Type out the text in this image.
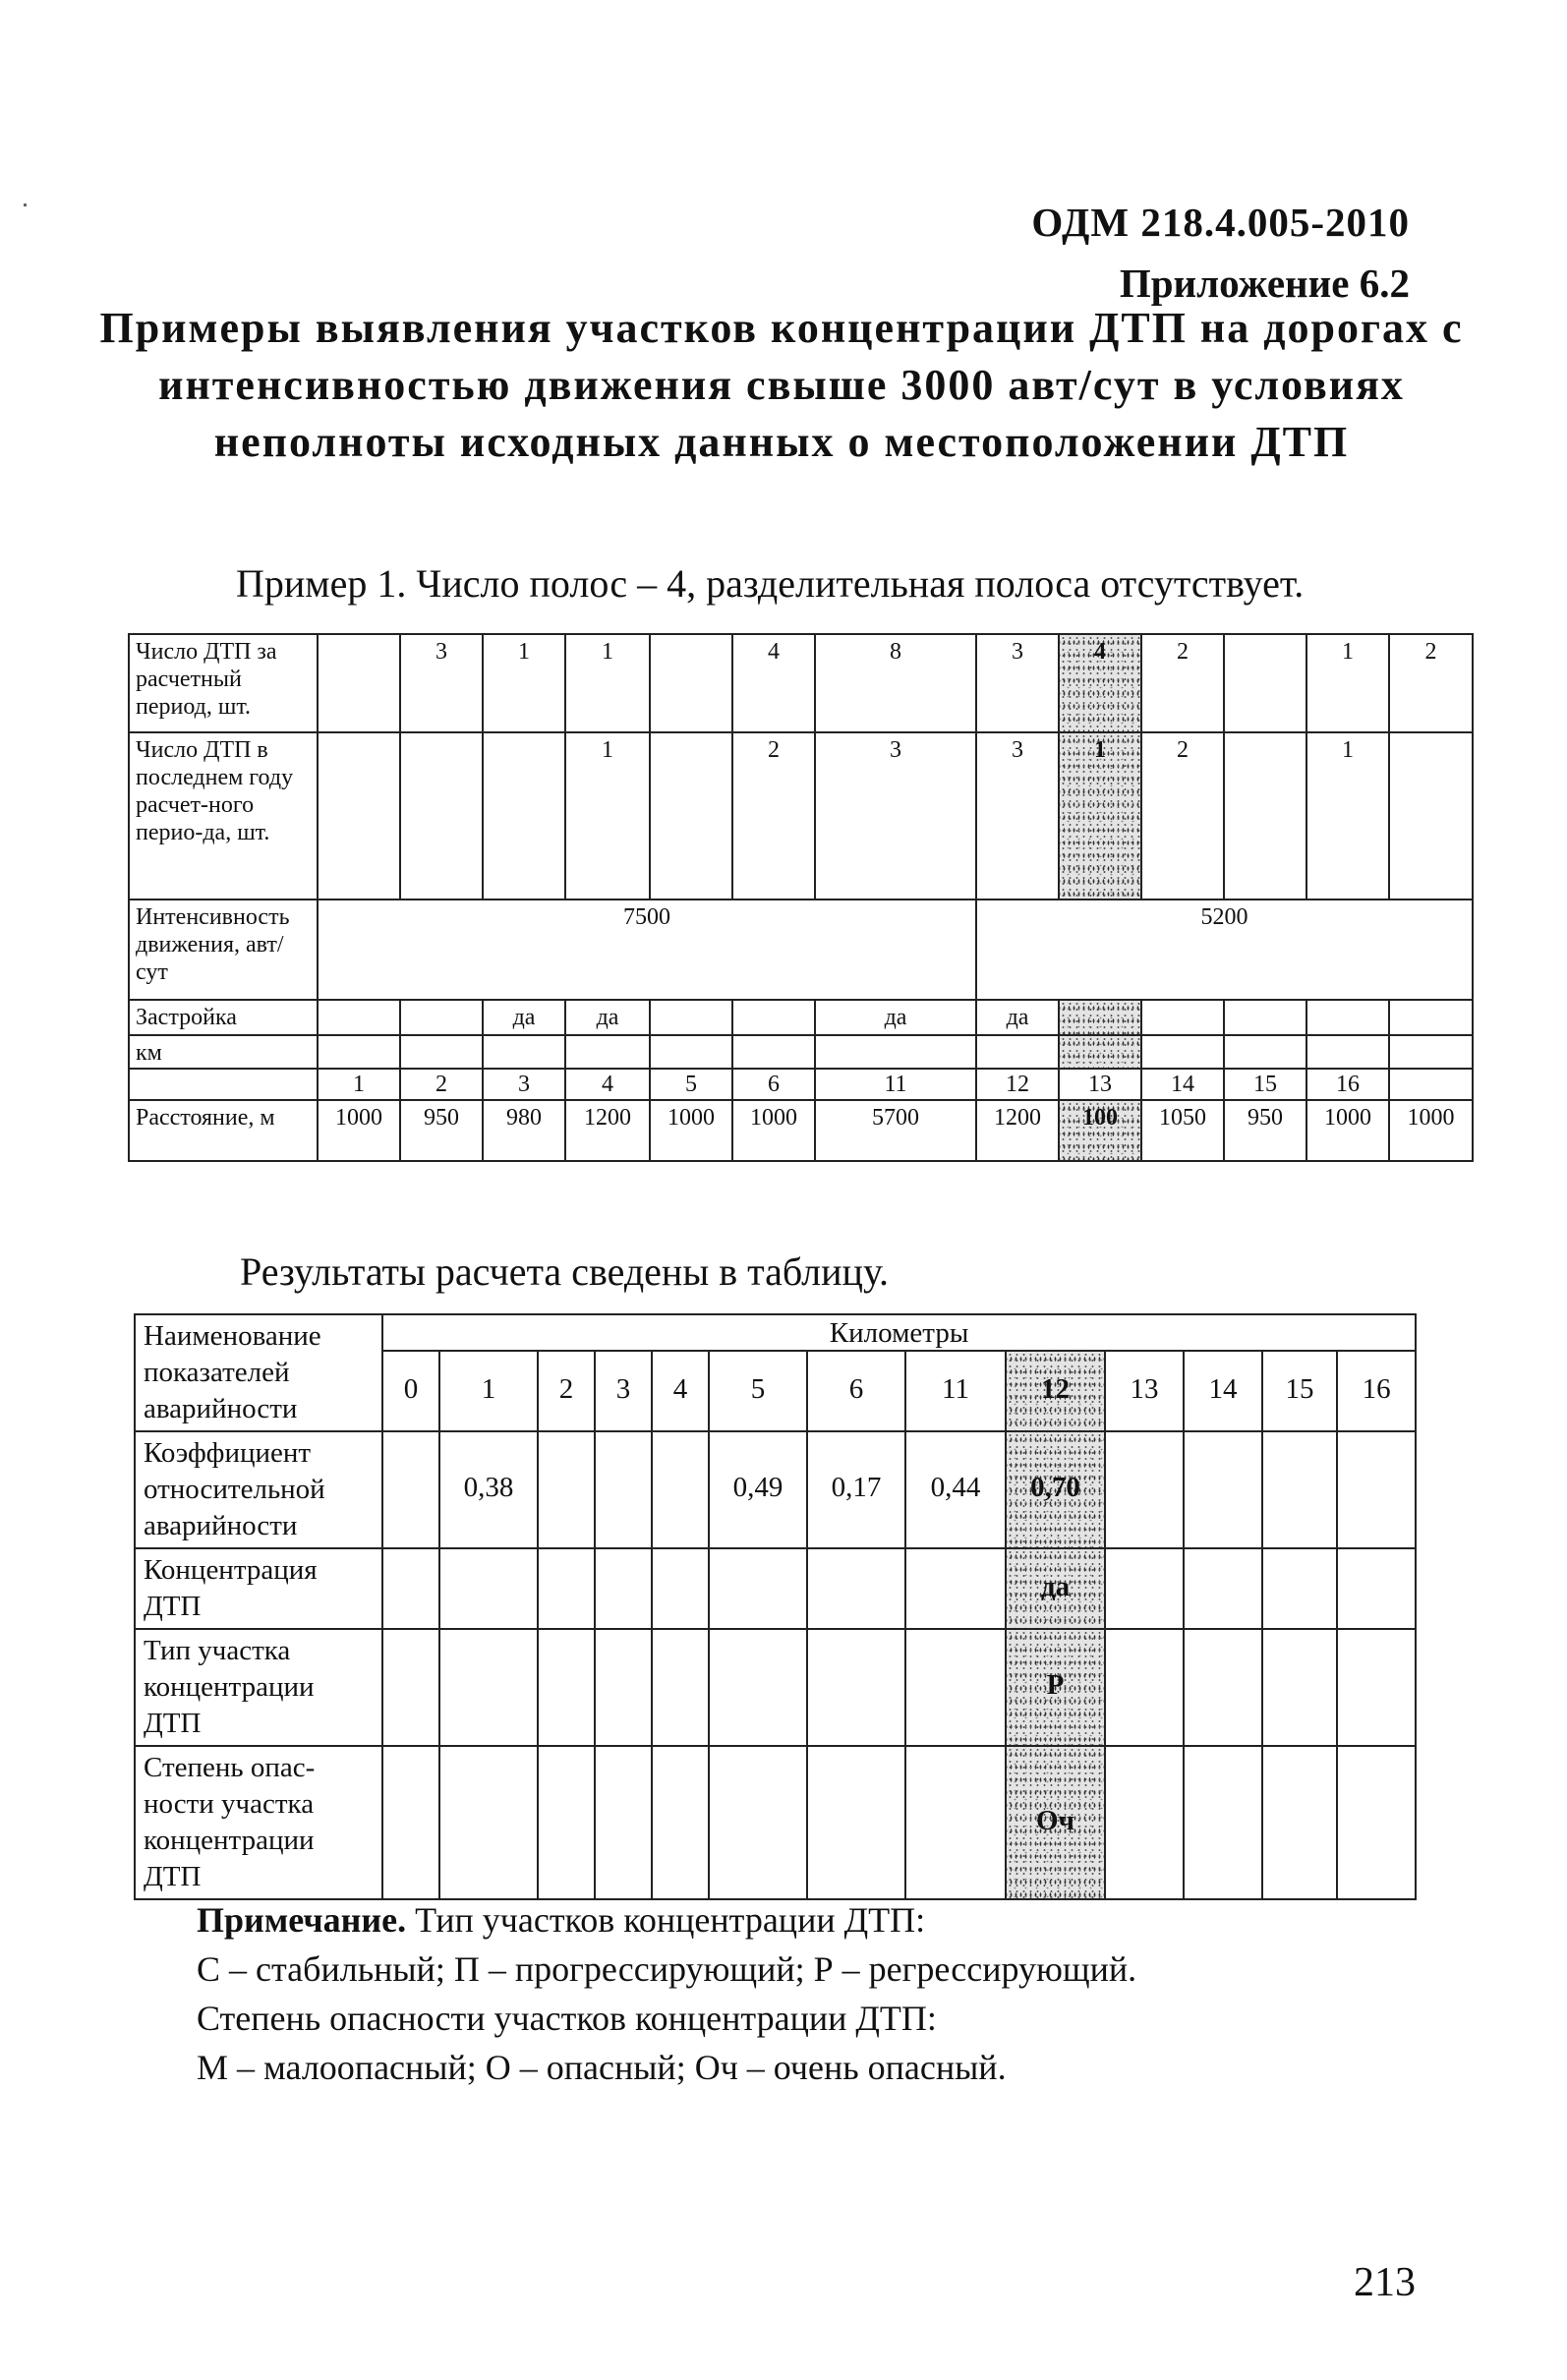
ОДМ 218.4.005-2010
Приложение 6.2
Примеры выявления участков концентрации ДТП на дорогах с интенсивностью движения свыше 3000 авт/сут в условиях неполноты исходных данных о местоположении ДТП
Пример 1. Число полос – 4, разделительная полоса отсутствует.
Число ДТП за расчетный период, шт.		3	1	1		4	8	3	4	2		1	2
Число ДТП в последнем году расчет-ного перио-да, шт.				1		2	3	3	1	2		1	
Интенсивность движения, авт/сут	7500							5200					
Застройка			да	да			да	да					
км													
	1	2	3	4	5	6	11	12	13	14	15	16	
Расстояние, м	1000	950	980	1200	1000	1000	5700	1200	100	1050	950	1000	1000
Результаты расчета сведены в таблицу.
Наименование показателей аварийности	Километры												
	0	1	2	3	4	5	6	11	12	13	14	15	16
Коэффициент относительной аварийности		0,38				0,49	0,17	0,44	0,70				
Концентрация ДТП									да				
Тип участка концентрации ДТП									Р				
Степень опас-ности участка концентрации ДТП									Оч				

Примечание. Тип участков концентрации ДТП:

С – стабильный; П – прогрессирующий; Р – регрессирующий.

Степень опасности участков концентрации ДТП:

М – малоопасный; О – опасный; Оч – очень опасный.

213
